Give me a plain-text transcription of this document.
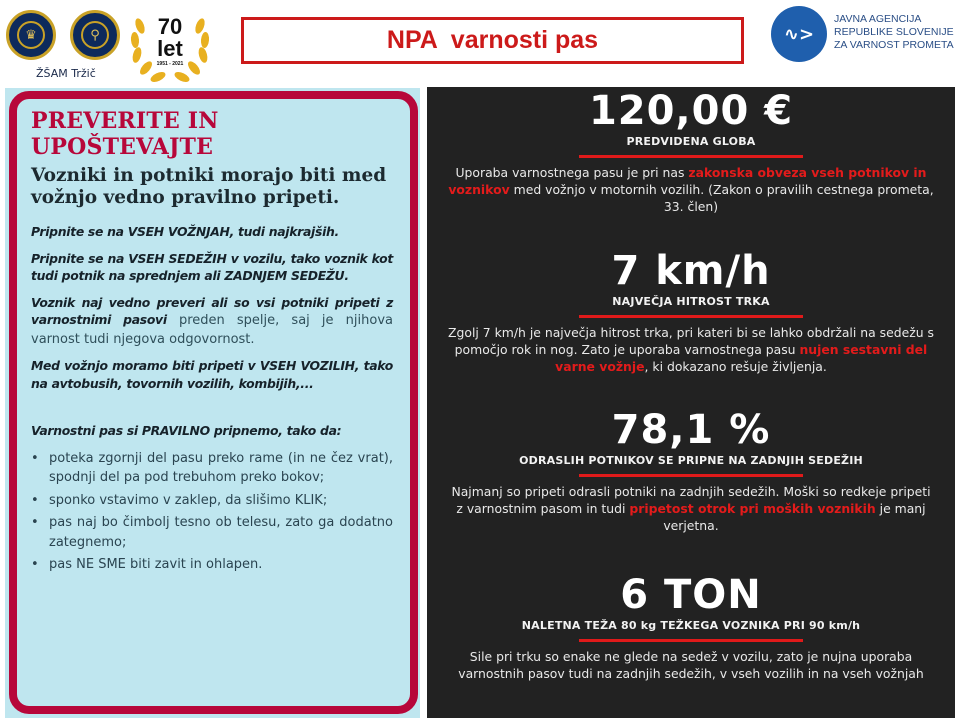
♛	⚲
ŽŠAM Tržič
70
let
1951 - 2021
NPA  varnosti pas	∿>
JAVNA AGENCIJA
REPUBLIKE SLOVENIJE
ZA VARNOST PROMETA
PREVERITE IN
UPOŠTEVAJTE
Vozniki in potniki morajo biti med vožnjo vedno pravilno pripeti.
Pripnite se na VSEH VOŽNJAH, tudi najkrajših.
Pripnite se na VSEH SEDEŽIH v vozilu, tako voznik kot tudi potnik na sprednjem ali ZADNJEM SEDEŽU.
Voznik naj vedno preveri ali so vsi potniki pripeti z varnostnimi pasovi preden spelje, saj je njihova varnost tudi njegova odgovornost.
Med vožnjo moramo biti pripeti v VSEH VOZILIH, tako na avtobusih, tovornih vozilih, kombijih,...
Varnostni pas si PRAVILNO pripnemo, tako da:
• poteka zgornji del pasu preko rame (in ne čez vrat), spodnji del pa pod trebuhom preko bokov;
• sponko vstavimo v zaklep, da slišimo KLIK;
• pas naj bo čimbolj tesno ob telesu, zato ga dodatno zategnemo;
• pas NE SME biti zavit in ohlapen.
120,00 €
PREDVIDENA GLOBA
Uporaba varnostnega pasu je pri nas zakonska obveza vseh potnikov in voznikov med vožnjo v motornih vozilih. (Zakon o pravilih cestnega prometa, 33. člen)
7 km/h
NAJVEČJA HITROST TRKA
Zgolj 7 km/h je največja hitrost trka, pri kateri bi se lahko obdržali na sedežu s pomočjo rok in nog. Zato je uporaba varnostnega pasu nujen sestavni del varne vožnje, ki dokazano rešuje življenja.
78,1 %
ODRASLIH POTNIKOV SE PRIPNE NA ZADNJIH SEDEŽIH
Najmanj so pripeti odrasli potniki na zadnjih sedežih. Moški so redkeje pripeti z varnostnim pasom in tudi pripetost otrok pri moških voznikih je manj verjetna.
6 TON
NALETNA TEŽA 80 kg TEŽKEGA VOZNIKA PRI 90 km/h
Sile pri trku so enake ne glede na sedež v vozilu, zato je nujna uporaba varnostnih pasov tudi na zadnjih sedežih, v vseh vozilih in na vseh vožnjah
